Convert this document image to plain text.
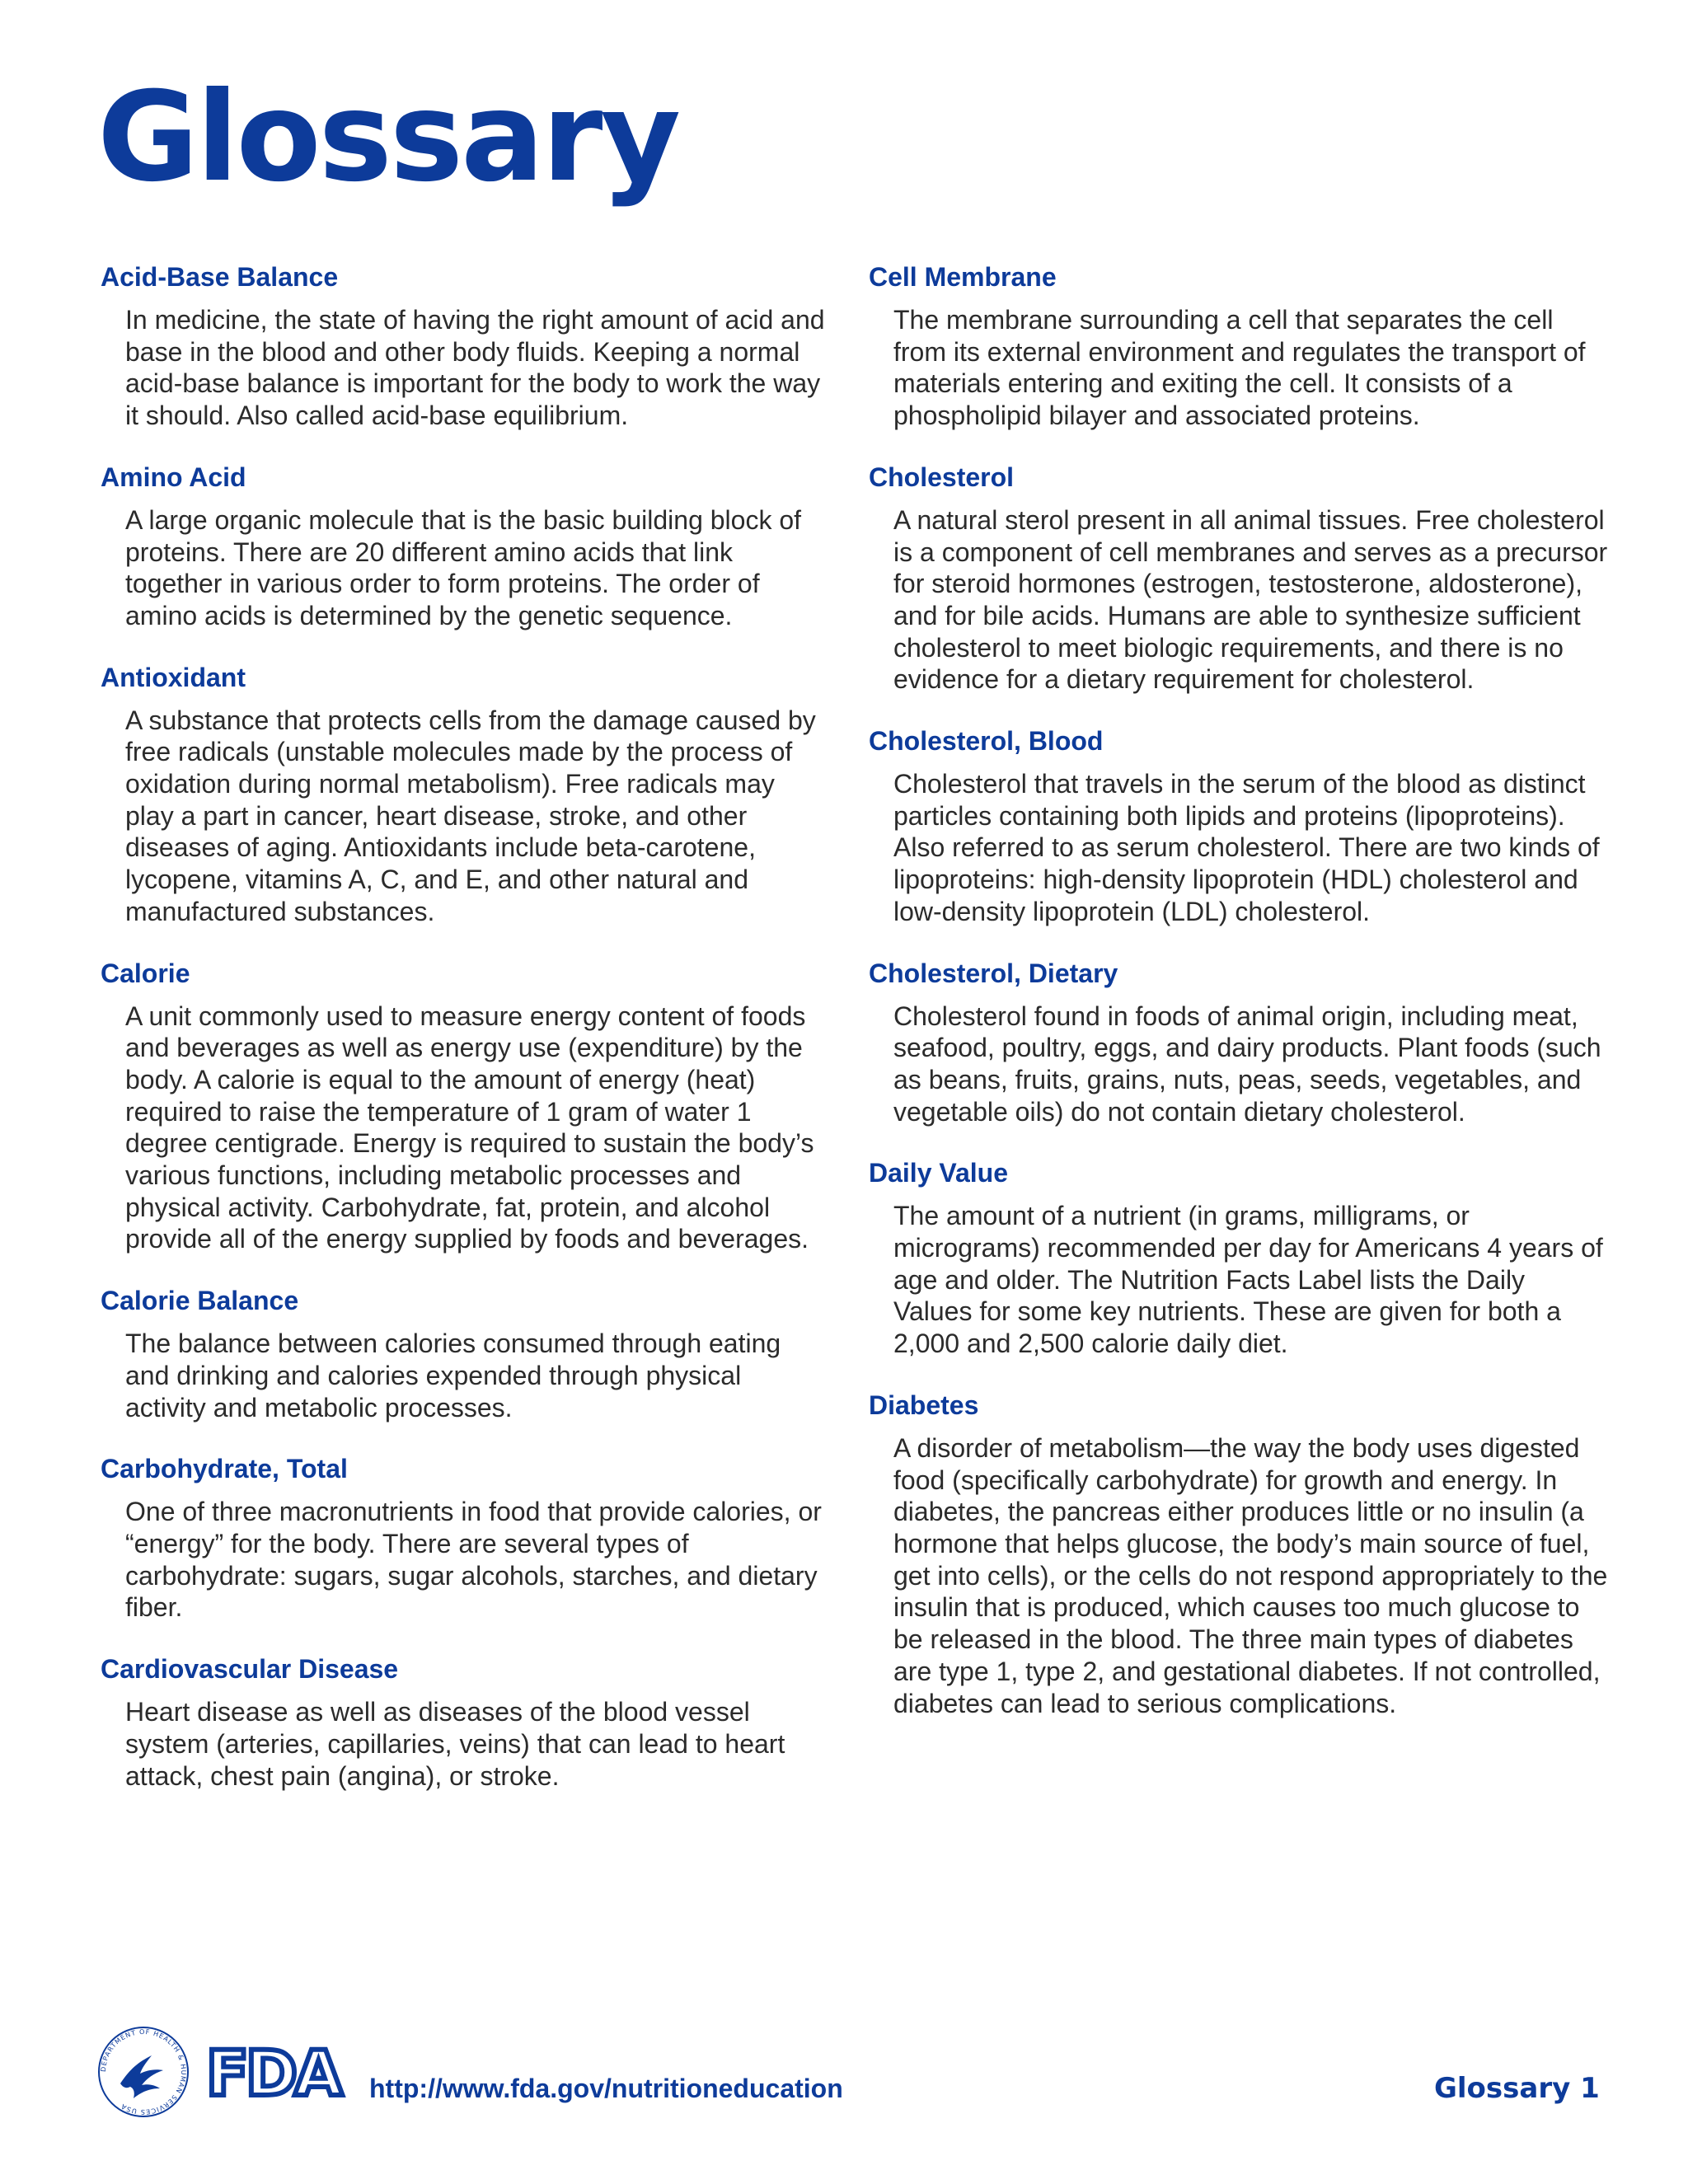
Glossary
Acid-Base Balance

In medicine, the state of having the right amount of acid and base in the blood and other body fluids. Keeping a normal acid-base balance is important for the body to work the way it should. Also called acid-base equilibrium.

Amino Acid

A large organic molecule that is the basic building block of proteins. There are 20 different amino acids that link together in various order to form proteins. The order of amino acids is determined by the genetic sequence.

Antioxidant

A substance that protects cells from the damage caused by free radicals (unstable molecules made by the process of oxidation during normal metabolism). Free radicals may play a part in cancer, heart disease, stroke, and other diseases of aging. Antioxidants include beta-carotene, lycopene, vitamins A, C, and E, and other natural and manufactured substances.

Calorie

A unit commonly used to measure energy content of foods and beverages as well as energy use (expenditure) by the body. A calorie is equal to the amount of energy (heat) required to raise the temperature of 1 gram of water 1 degree centigrade. Energy is required to sustain the body’s various functions, including metabolic processes and physical activity. Carbohydrate, fat, protein, and alcohol provide all of the energy supplied by foods and beverages.

Calorie Balance

The balance between calories consumed through eating and drinking and calories expended through physical activity and metabolic processes.

Carbohydrate, Total

One of three macronutrients in food that provide calories, or “energy” for the body. There are several types of carbohydrate: sugars, sugar alcohols, starches, and dietary fiber.

Cardiovascular Disease

Heart disease as well as diseases of the blood vessel system (arteries, capillaries, veins) that can lead to heart attack, chest pain (angina), or stroke.

Cell Membrane

The membrane surrounding a cell that separates the cell from its external environment and regulates the transport of materials entering and exiting the cell. It consists of a phospholipid bilayer and associated proteins.

Cholesterol

A natural sterol present in all animal tissues. Free cholesterol is a component of cell membranes and serves as a precursor for steroid hormones (estrogen, testosterone, aldosterone), and for bile acids. Humans are able to synthesize sufficient cholesterol to meet biologic requirements, and there is no evidence for a dietary requirement for cholesterol.

Cholesterol, Blood

Cholesterol that travels in the serum of the blood as distinct particles containing both lipids and proteins (lipoproteins). Also referred to as serum cholesterol. There are two kinds of lipoproteins: high-density lipoprotein (HDL) cholesterol and low-density lipoprotein (LDL) cholesterol.

Cholesterol, Dietary

Cholesterol found in foods of animal origin, including meat, seafood, poultry, eggs, and dairy products. Plant foods (such as beans, fruits, grains, nuts, peas, seeds, vegetables, and vegetable oils) do not contain dietary cholesterol.

Daily Value

The amount of a nutrient (in grams, milligrams, or micrograms) recommended per day for Americans 4 years of age and older. The Nutrition Facts Label lists the Daily Values for some key nutrients. These are given for both a 2,000 and 2,500 calorie daily diet.

Diabetes

A disorder of metabolism—the way the body uses digested food (specifically carbohydrate) for growth and energy. In diabetes, the pancreas either produces little or no insulin (a hormone that helps glucose, the body’s main source of fuel, get into cells), or the cells do not respond appropriately to the insulin that is produced, which causes too much glucose to be released in the blood. The three main types of diabetes are type 1, type 2, and gestational diabetes. If not controlled, diabetes can lead to serious complications.

DEPARTMENT OF HEALTH & HUMAN SERVICES USA	FDA http://www.fda.gov/nutritioneducation	Glossary 1
